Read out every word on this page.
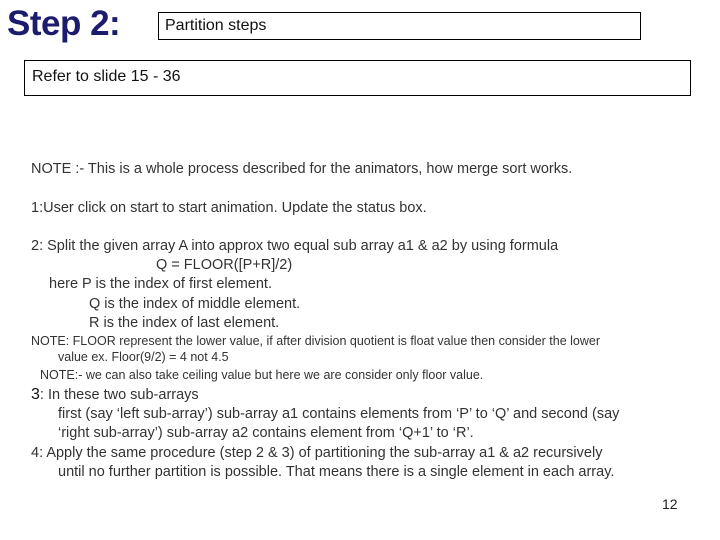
Step 2:	Partition steps
Refer to slide 15 - 36
NOTE :- This is a whole process described for the animators, how merge sort works.
1:User click on start to start animation. Update the status box.
2: Split the given array A into approx two equal sub array a1 & a2 by using formula
Q = FLOOR([P+R]/2)
here P is the index of first element.
Q is the index of middle element.
R is the index of last element.
NOTE: FLOOR represent the lower value, if after division quotient is float value then consider the lower
value ex. Floor(9/2) = 4 not 4.5
NOTE:- we can also take ceiling value but here we are consider only floor value.
3: In these two sub-arrays
first (say ‘left sub-array’) sub-array a1 contains elements from ‘P’ to ‘Q’ and second (say
‘right sub-array’) sub-array a2 contains element from ‘Q+1’ to ‘R’.
4: Apply the same procedure (step 2 & 3) of partitioning the sub-array a1 & a2 recursively
until no further partition is possible. That means there is a single element in each array.
12
